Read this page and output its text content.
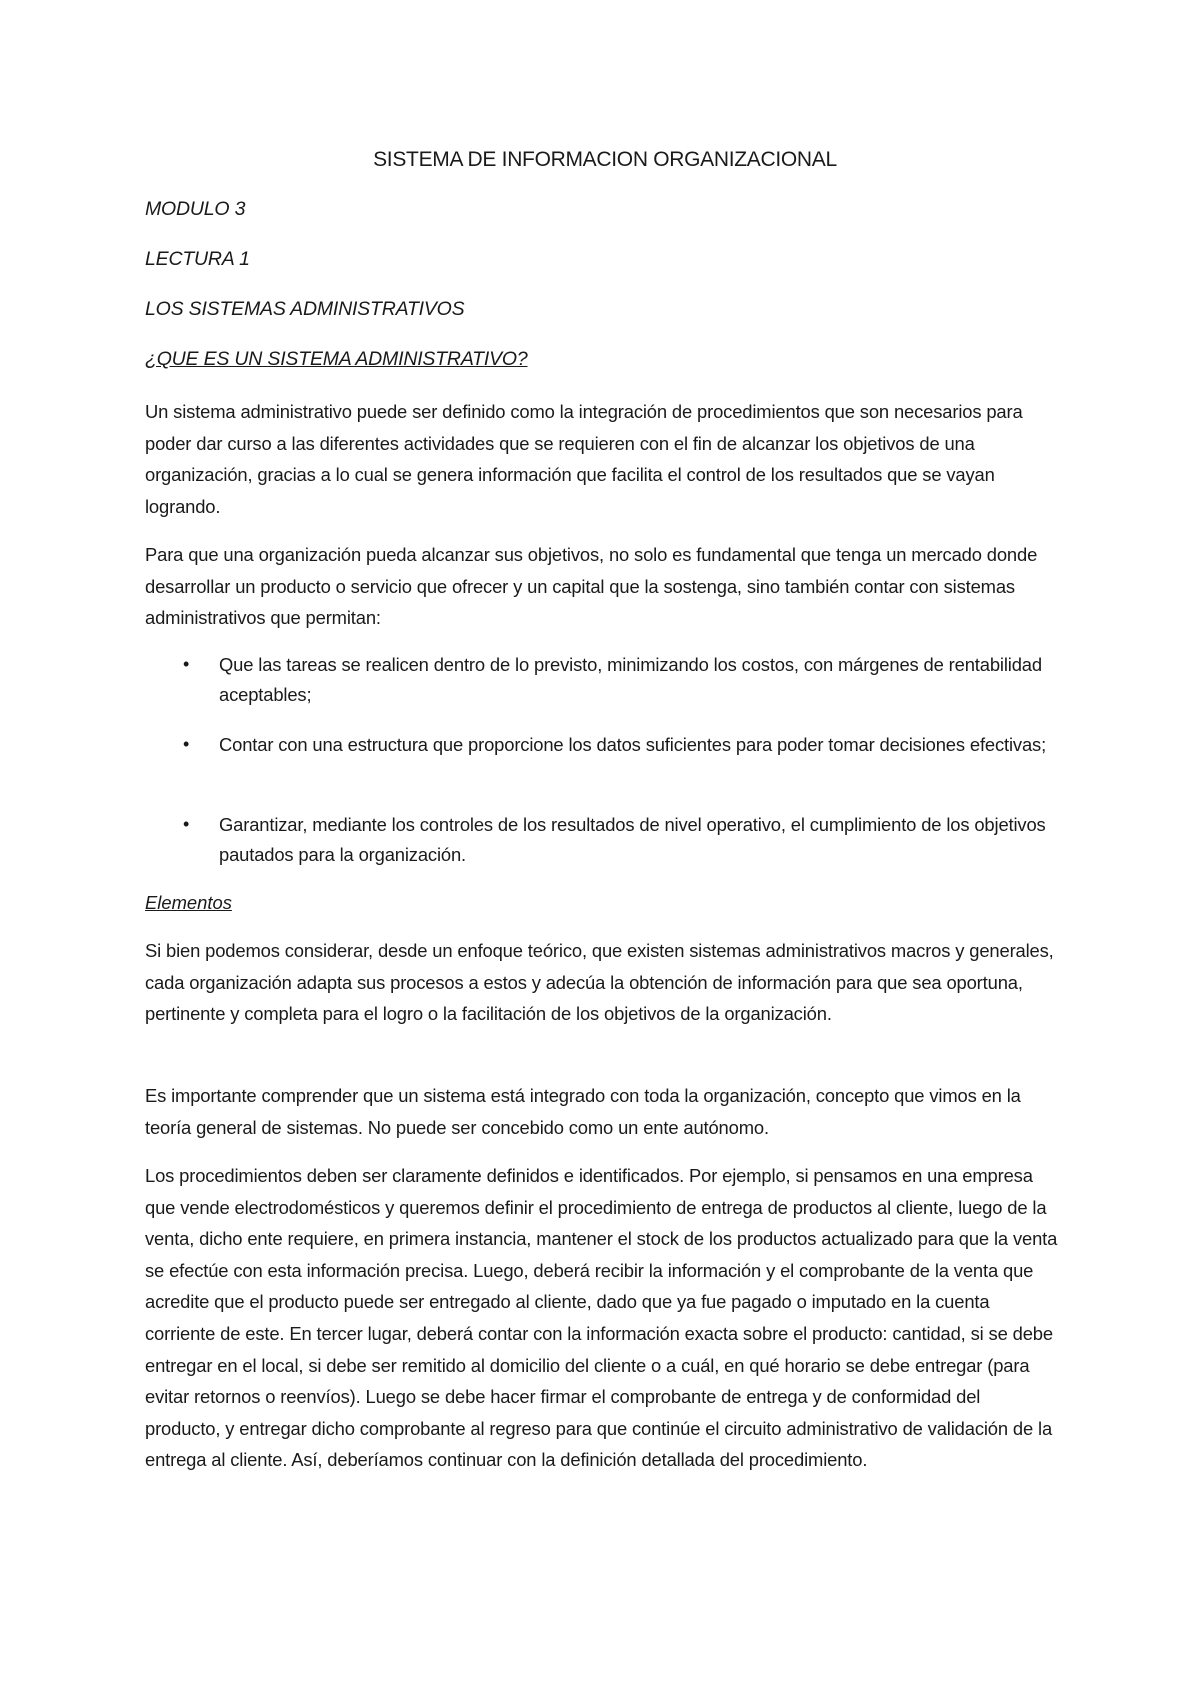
SISTEMA DE INFORMACION ORGANIZACIONAL
MODULO 3
LECTURA 1
LOS SISTEMAS ADMINISTRATIVOS
¿QUE ES UN SISTEMA ADMINISTRATIVO?

Un sistema administrativo puede ser definido como la integración de procedimientos que son necesarios para poder dar curso a las diferentes actividades que se requieren con el fin de alcanzar los objetivos de una organización, gracias a lo cual se genera información que facilita el control de los resultados que se vayan logrando.

Para que una organización pueda alcanzar sus objetivos, no solo es fundamental que tenga un mercado donde desarrollar un producto o servicio que ofrecer y un capital que la sostenga, sino también contar con sistemas administrativos que permitan:

• Que las tareas se realicen dentro de lo previsto, minimizando los costos, con márgenes de rentabilidad aceptables;
• Contar con una estructura que proporcione los datos suficientes para poder tomar decisiones efectivas;
• Garantizar, mediante los controles de los resultados de nivel operativo, el cumplimiento de los objetivos pautados para la organización.
Elementos

Si bien podemos considerar, desde un enfoque teórico, que existen sistemas administrativos macros y generales, cada organización adapta sus procesos a estos y adecúa la obtención de información para que sea oportuna, pertinente y completa para el logro o la facilitación de los objetivos de la organización.

Es importante comprender que un sistema está integrado con toda la organización, concepto que vimos en la teoría general de sistemas. No puede ser concebido como un ente autónomo.

Los procedimientos deben ser claramente definidos e identificados. Por ejemplo, si pensamos en una empresa que vende electrodomésticos y queremos definir el procedimiento de entrega de productos al cliente, luego de la venta, dicho ente requiere, en primera instancia, mantener el stock de los productos actualizado para que la venta se efectúe con esta información precisa. Luego, deberá recibir la información y el comprobante de la venta que acredite que el producto puede ser entregado al cliente, dado que ya fue pagado o imputado en la cuenta corriente de este. En tercer lugar, deberá contar con la información exacta sobre el producto: cantidad, si se debe entregar en el local, si debe ser remitido al domicilio del cliente o a cuál, en qué horario se debe entregar (para evitar retornos o reenvíos). Luego se debe hacer firmar el comprobante de entrega y de conformidad del producto, y entregar dicho comprobante al regreso para que continúe el circuito administrativo de validación de la entrega al cliente. Así, deberíamos continuar con la definición detallada del procedimiento.
